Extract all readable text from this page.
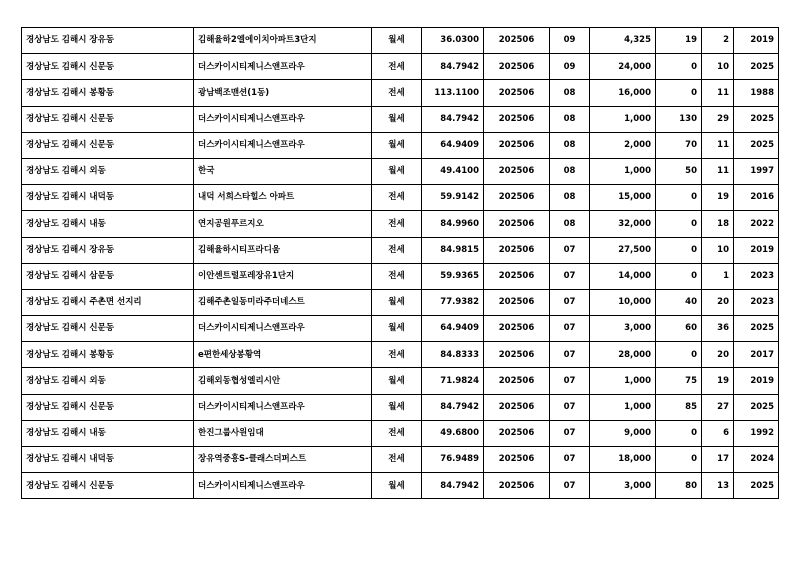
경상남도 김해시 장유동	김해율하2엘에이치아파트3단지	월세	36.0300	202506	09	4,325	19	2	2019
경상남도 김해시 신문동	더스카이시티제니스앤프라우	전세	84.7942	202506	09	24,000	0	10	2025
경상남도 김해시 봉황동	광남백조맨션(1동)	전세	113.1100	202506	08	16,000	0	11	1988
경상남도 김해시 신문동	더스카이시티제니스앤프라우	월세	84.7942	202506	08	1,000	130	29	2025
경상남도 김해시 신문동	더스카이시티제니스앤프라우	월세	64.9409	202506	08	2,000	70	11	2025
경상남도 김해시 외동	한국	월세	49.4100	202506	08	1,000	50	11	1997
경상남도 김해시 내덕동	내덕 서희스타힐스 아파트	전세	59.9142	202506	08	15,000	0	19	2016
경상남도 김해시 내동	연지공원푸르지오	전세	84.9960	202506	08	32,000	0	18	2022
경상남도 김해시 장유동	김해율하시티프라디움	전세	84.9815	202506	07	27,500	0	10	2019
경상남도 김해시 삼문동	이안센트럴포레장유1단지	전세	59.9365	202506	07	14,000	0	1	2023
경상남도 김해시 주촌면 선지리	김해주촌일동미라주더네스트	월세	77.9382	202506	07	10,000	40	20	2023
경상남도 김해시 신문동	더스카이시티제니스앤프라우	월세	64.9409	202506	07	3,000	60	36	2025
경상남도 김해시 봉황동	e편한세상봉황역	전세	84.8333	202506	07	28,000	0	20	2017
경상남도 김해시 외동	김해외동협성엘리시안	월세	71.9824	202506	07	1,000	75	19	2019
경상남도 김해시 신문동	더스카이시티제니스앤프라우	월세	84.7942	202506	07	1,000	85	27	2025
경상남도 김해시 내동	한진그룹사원임대	전세	49.6800	202506	07	9,000	0	6	1992
경상남도 김해시 내덕동	장유역중흥S-클래스더퍼스트	전세	76.9489	202506	07	18,000	0	17	2024
경상남도 김해시 신문동	더스카이시티제니스앤프라우	월세	84.7942	202506	07	3,000	80	13	2025
